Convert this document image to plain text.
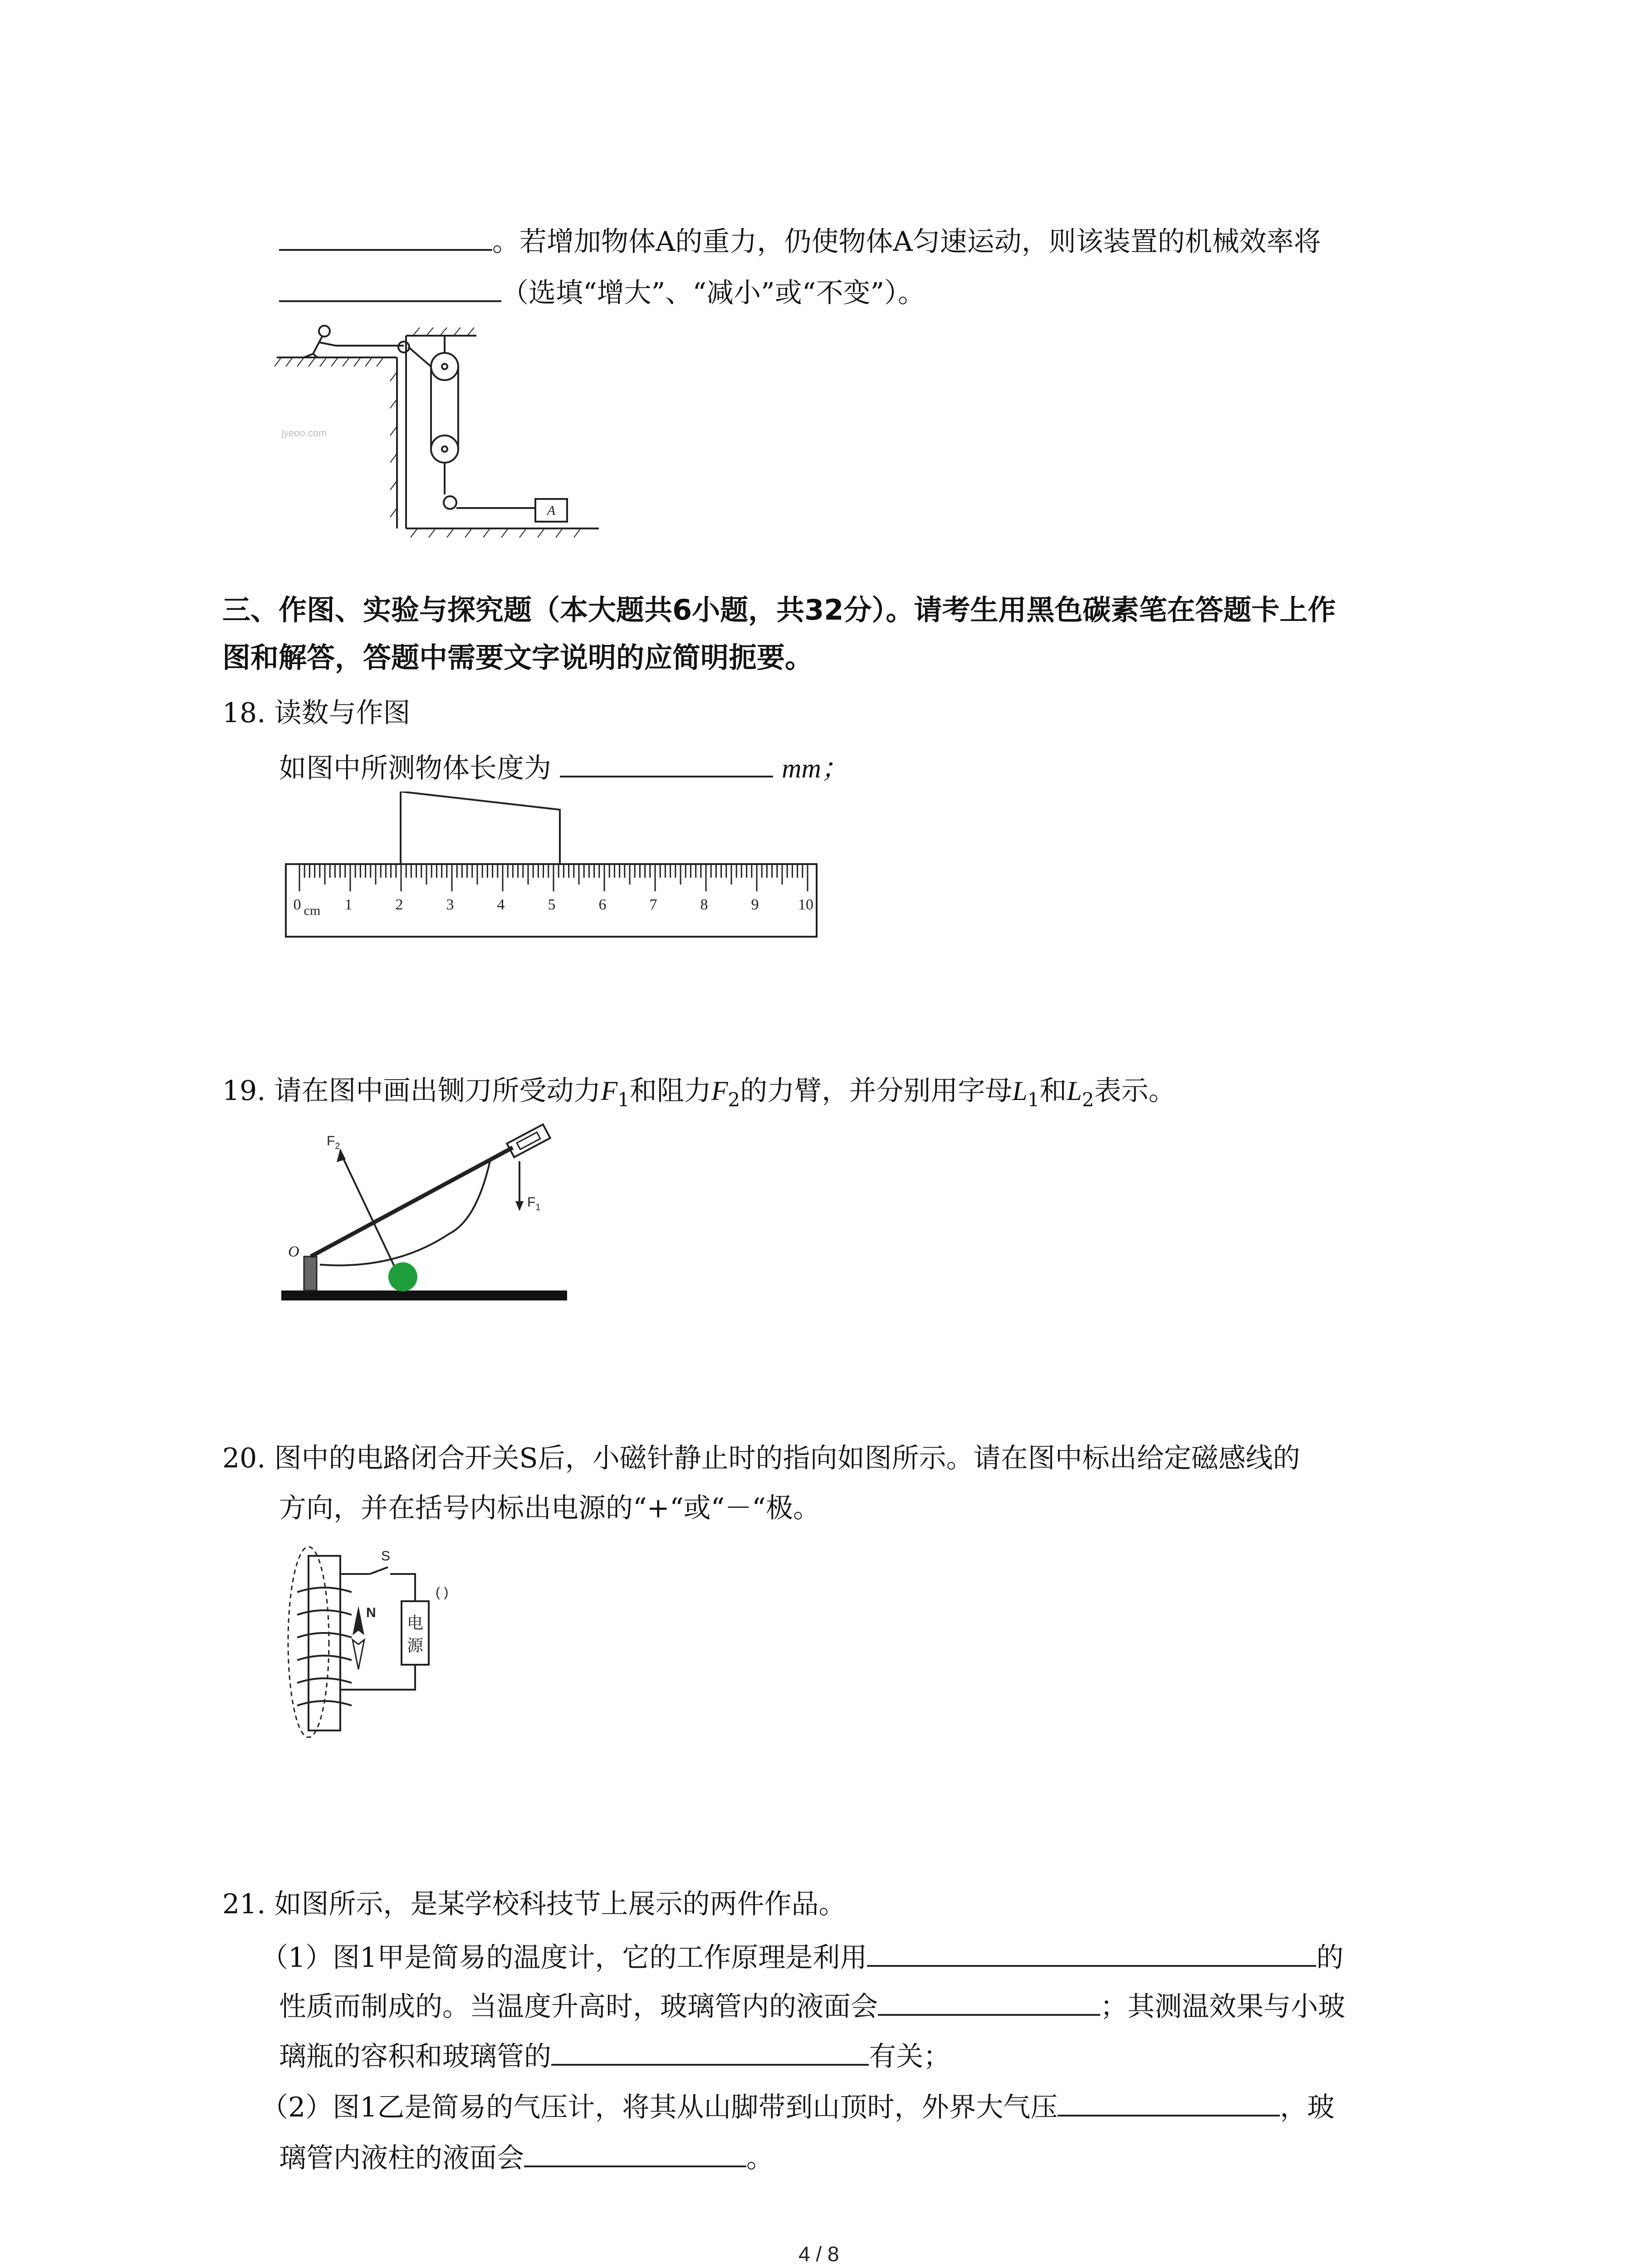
。若增加物体A的重力，仍使物体A匀速运动，则该装置的机械效率将
（选填“增大”、“减小”或“不变”）。
A
jyeoo.com
三、作图、实验与探究题（本大题共6小题，共32分）。请考生用黑色碳素笔在答题卡上作
图和解答，答题中需要文字说明的应简明扼要。
18. 读数与作图
如图中所测物体长度为	mm；
0 cm 1	2	3	4	5	6	7	8	9	10
19. 请在图中画出铡刀所受动力$F_1$和阻力$F_2$的力臂，并分别用字母$L_1$和$L_2$表示。
O
$F_2$
$F_1$
20. 图中的电路闭合开关S后，小磁针静止时的指向如图所示。请在图中标出给定磁感线的
方向，并在括号内标出电源的“+“或“－“极。
S
N
( )
电
源
21. 如图所示，是某学校科技节上展示的两件作品。
（1）图1甲是简易的温度计，它的工作原理是利用	的
性质而制成的。当温度升高时，玻璃管内的液面会	；其测温效果与小玻
璃瓶的容积和玻璃管的	有关；
（2）图1乙是简易的气压计，将其从山脚带到山顶时，外界大气压	，玻
璃管内液柱的液面会	。
4 / 8
